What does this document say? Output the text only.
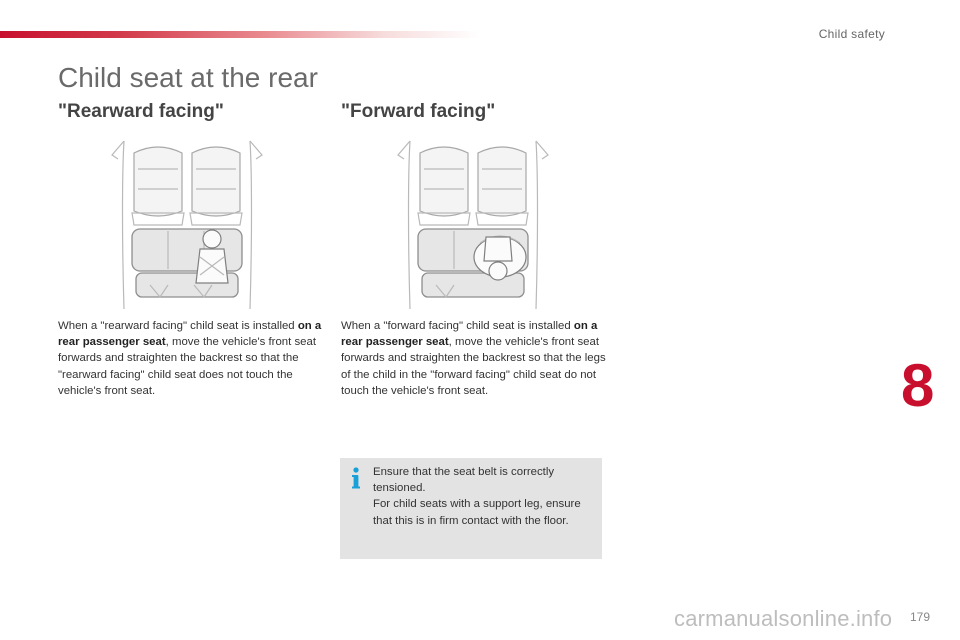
Child safety
Child seat at the rear
"Rearward facing"	"Forward facing"

When a "rearward facing" child seat is installed on a rear passenger seat, move the vehicle's front seat forwards and straighten the backrest so that the "rearward facing" child seat does not touch the vehicle's front seat.

When a "forward facing" child seat is installed on a rear passenger seat, move the vehicle's front seat forwards and straighten the backrest so that the legs of the child in the "forward facing" child seat do not touch the vehicle's front seat.

Ensure that the seat belt is correctly tensioned.
For child seats with a support leg, ensure that this is in firm contact with the floor.

8
179
carmanualsonline.info
